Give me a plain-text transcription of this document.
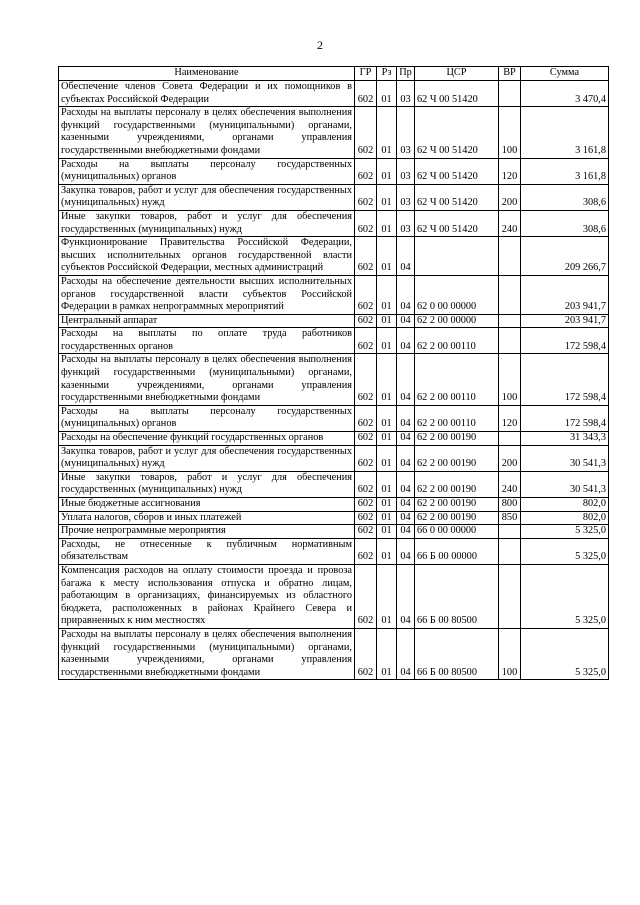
2
Наименование	ГР	Рз	Пр	ЦСР	ВР	Сумма

Обеспечение членов Совета Федерации и их помощников в субъектах Российской Федерации	602	01	03	62 Ч 00 51420		3 470,4

Расходы на выплаты персоналу в целях обеспечения выполнения функций государственными (муниципальными) органами, казенными учреждениями, органами управления государственными внебюджетными фондами	602	01	03	62 Ч 00 51420	100	3 161,8

Расходы на выплаты персоналу государственных (муниципальных) органов	602	01	03	62 Ч 00 51420	120	3 161,8

Закупка товаров, работ и услуг для обеспечения государственных (муниципальных) нужд	602	01	03	62 Ч 00 51420	200	308,6

Иные закупки товаров, работ и услуг для обеспечения государственных (муниципальных) нужд	602	01	03	62 Ч 00 51420	240	308,6

Функционирование Правительства Российской Федерации, высших исполнительных органов государственной власти субъектов Российской Федерации, местных администраций	602	01	04			209 266,7

Расходы на обеспечение деятельности высших исполнительных органов государственной власти субъектов Российской Федерации в рамках непрограммных мероприятий	602	01	04	62 0 00 00000		203 941,7

Центральный аппарат	602	01	04	62 2 00 00000		203 941,7

Расходы на выплаты по оплате труда работников государственных органов	602	01	04	62 2 00 00110		172 598,4

Расходы на выплаты персоналу в целях обеспечения выполнения функций государственными (муниципальными) органами, казенными учреждениями, органами управления государственными внебюджетными фондами	602	01	04	62 2 00 00110	100	172 598,4

Расходы на выплаты персоналу государственных (муниципальных) органов	602	01	04	62 2 00 00110	120	172 598,4

Расходы на обеспечение функций государственных органов	602	01	04	62 2 00 00190		31 343,3

Закупка товаров, работ и услуг для обеспечения государственных (муниципальных) нужд	602	01	04	62 2 00 00190	200	30 541,3

Иные закупки товаров, работ и услуг для обеспечения государственных (муниципальных) нужд	602	01	04	62 2 00 00190	240	30 541,3

Иные бюджетные ассигнования	602	01	04	62 2 00 00190	800	802,0

Уплата налогов, сборов и иных платежей	602	01	04	62 2 00 00190	850	802,0

Прочие непрограммные мероприятия	602	01	04	66 0 00 00000		5 325,0

Расходы, не отнесенные к публичным нормативным обязательствам	602	01	04	66 Б 00 00000		5 325,0

Компенсация расходов на оплату стоимости проезда и провоза багажа к месту использования отпуска и обратно лицам, работающим в организациях, финансируемых из областного бюджета, расположенных в районах Крайнего Севера и приравненных к ним местностях	602	01	04	66 Б 00 80500		5 325,0

Расходы на выплаты персоналу в целях обеспечения выполнения функций государственными (муниципальными) органами, казенными учреждениями, органами управления государственными внебюджетными фондами	602	01	04	66 Б 00 80500	100	5 325,0
